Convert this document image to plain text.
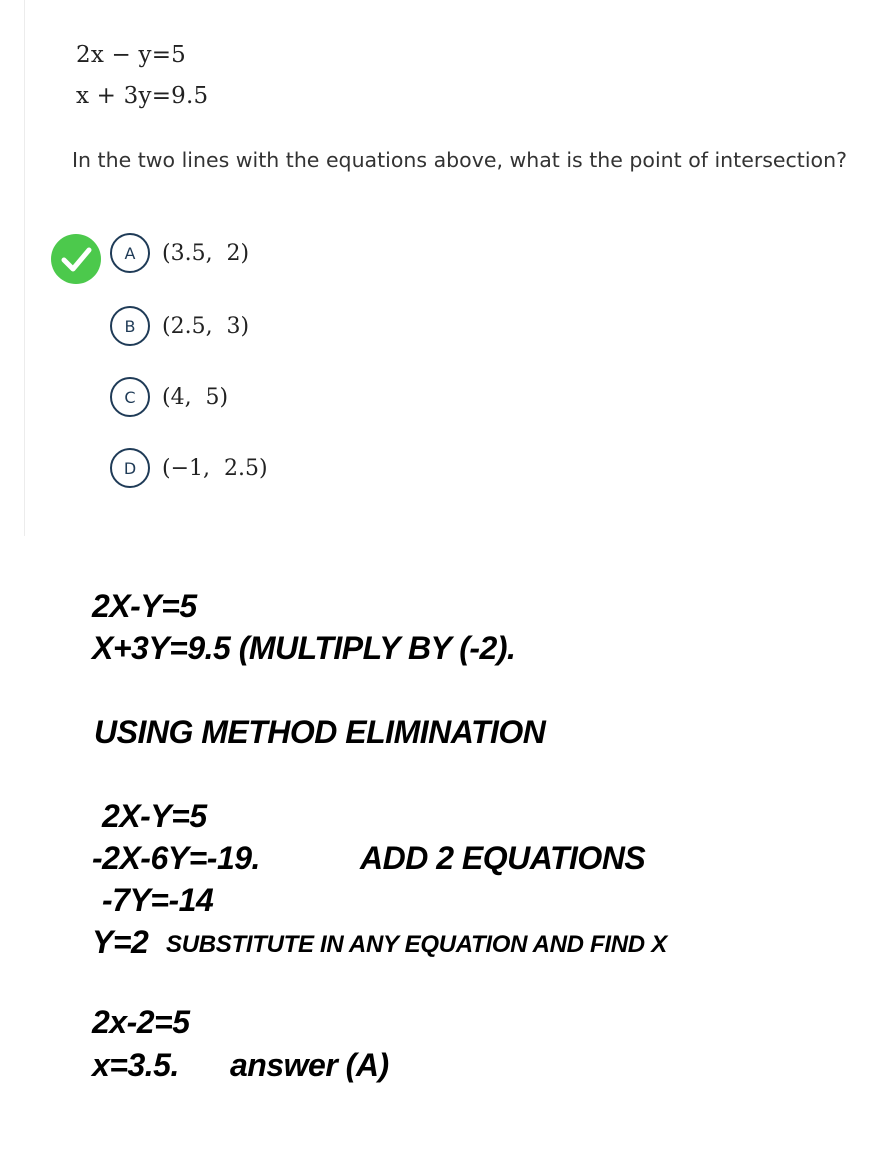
2x − y=5
x + 3y=9.5
In the two lines with the equations above, what is the point of intersection?
A	(3.5,  2)
B	(2.5,  3)
C	(4,  5)
D	(−1,  2.5)
2X-Y=5
X+3Y=9.5 (MULTIPLY BY (-2).
USING METHOD ELIMINATION
2X-Y=5
-2X-6Y=-19.	ADD 2 EQUATIONS
-7Y=-14
Y=2 SUBSTITUTE IN ANY EQUATION AND FIND X
2x-2=5
x=3.5. answer (A)
